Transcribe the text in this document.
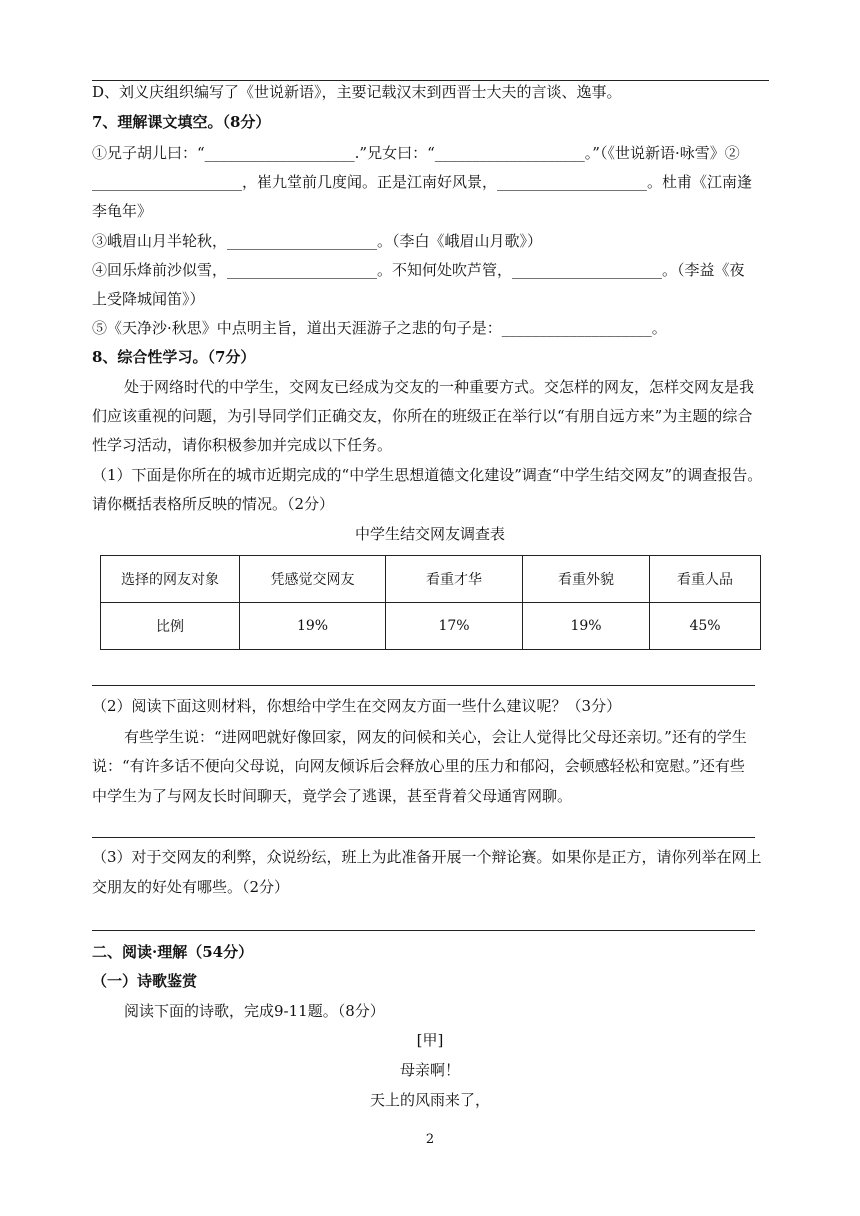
D、刘义庆组织编写了《世说新语》，主要记载汉末到西晋士大夫的言谈、逸事。
7、理解课文填空。（8分）
①兄子胡儿曰：“____________________.”兄女曰：“____________________。”（《世说新语·咏雪》②
____________________，崔九堂前几度闻。正是江南好风景，____________________。杜甫《江南逢
李龟年》
③峨眉山月半轮秋，____________________。（李白《峨眉山月歌》）
④回乐烽前沙似雪，____________________。不知何处吹芦管，____________________。（李益《夜
上受降城闻笛》）
⑤《天净沙·秋思》中点明主旨，道出天涯游子之悲的句子是：____________________。
8、综合性学习。（7分）
处于网络时代的中学生，交网友已经成为交友的一种重要方式。交怎样的网友，怎样交网友是我
们应该重视的问题，为引导同学们正确交友，你所在的班级正在举行以“有朋自远方来”为主题的综合
性学习活动，请你积极参加并完成以下任务。
（1）下面是你所在的城市近期完成的“中学生思想道德文化建设”调查“中学生结交网友”的调查报告。
请你概括表格所反映的情况。（2分）
中学生结交网友调查表
选择的网友对象	凭感觉交网友	看重才华	看重外貌	看重人品
比例	19%	17%	19%	45%
（2）阅读下面这则材料，你想给中学生在交网友方面一些什么建议呢？（3分）
有些学生说：“进网吧就好像回家，网友的问候和关心，会让人觉得比父母还亲切。”还有的学生
说：“有许多话不便向父母说，向网友倾诉后会释放心里的压力和郁闷，会顿感轻松和宽慰。”还有些
中学生为了与网友长时间聊天，竟学会了逃课，甚至背着父母通宵网聊。
（3）对于交网友的利弊，众说纷纭，班上为此准备开展一个辩论赛。如果你是正方，请你列举在网上
交朋友的好处有哪些。（2分）
二、阅读·理解（54分）
（一）诗歌鉴赏
阅读下面的诗歌，完成9-11题。（8分）
[甲]
母亲啊！
天上的风雨来了，
2
